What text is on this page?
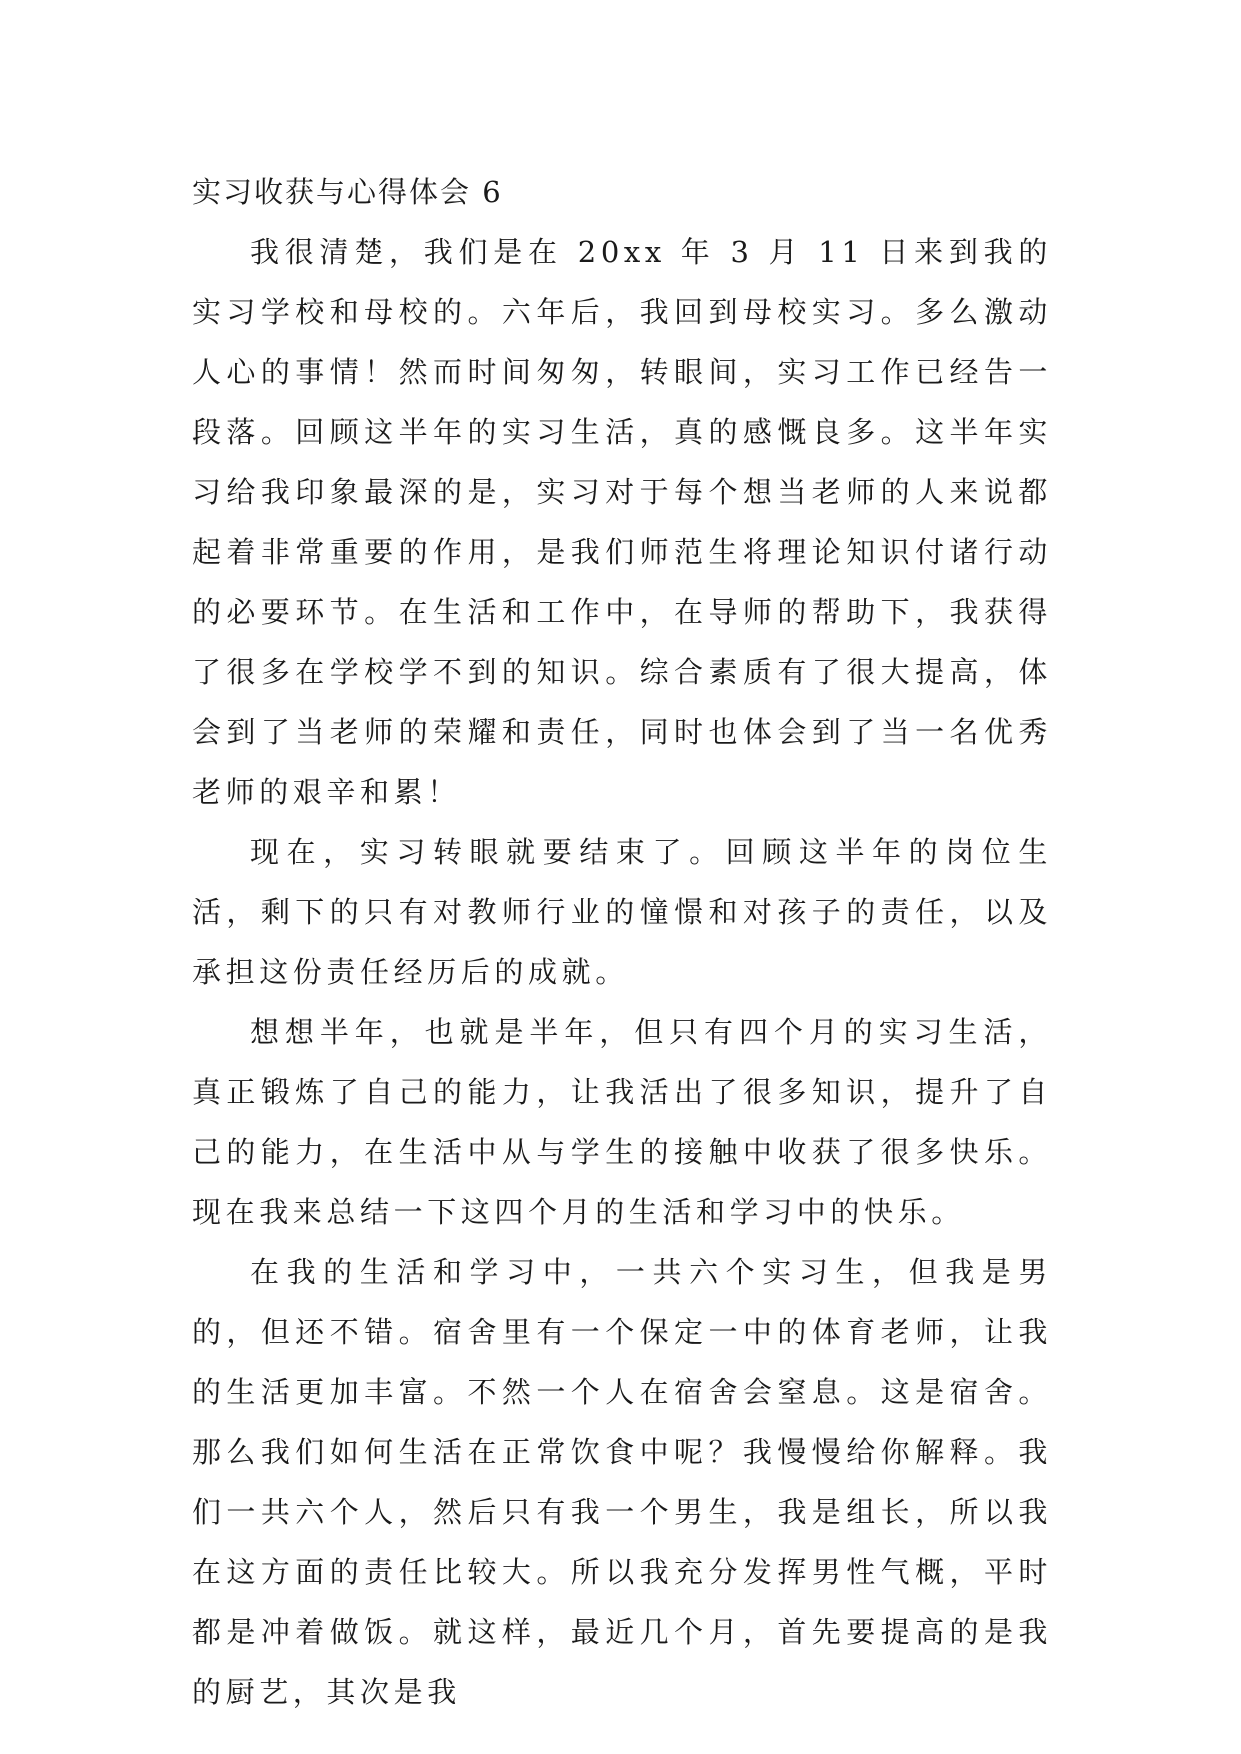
实习收获与心得体会 6

我很清楚，我们是在 20xx 年 3 月 11 日来到我的实习学校和母校的。六年后，我回到母校实习。多么激动人心的事情！然而时间匆匆，转眼间，实习工作已经告一段落。回顾这半年的实习生活，真的感慨良多。这半年实习给我印象最深的是，实习对于每个想当老师的人来说都起着非常重要的作用，是我们师范生将理论知识付诸行动的必要环节。在生活和工作中，在导师的帮助下，我获得了很多在学校学不到的知识。综合素质有了很大提高，体会到了当老师的荣耀和责任，同时也体会到了当一名优秀老师的艰辛和累！

现在，实习转眼就要结束了。回顾这半年的岗位生活，剩下的只有对教师行业的憧憬和对孩子的责任，以及承担这份责任经历后的成就。

想想半年，也就是半年，但只有四个月的实习生活，真正锻炼了自己的能力，让我活出了很多知识，提升了自己的能力，在生活中从与学生的接触中收获了很多快乐。现在我来总结一下这四个月的生活和学习中的快乐。

在我的生活和学习中，一共六个实习生，但我是男的，但还不错。宿舍里有一个保定一中的体育老师，让我的生活更加丰富。不然一个人在宿舍会窒息。这是宿舍。那么我们如何生活在正常饮食中呢？我慢慢给你解释。我们一共六个人，然后只有我一个男生，我是组长，所以我在这方面的责任比较大。所以我充分发挥男性气概，平时都是冲着做饭。就这样，最近几个月，首先要提高的是我的厨艺，其次是我
